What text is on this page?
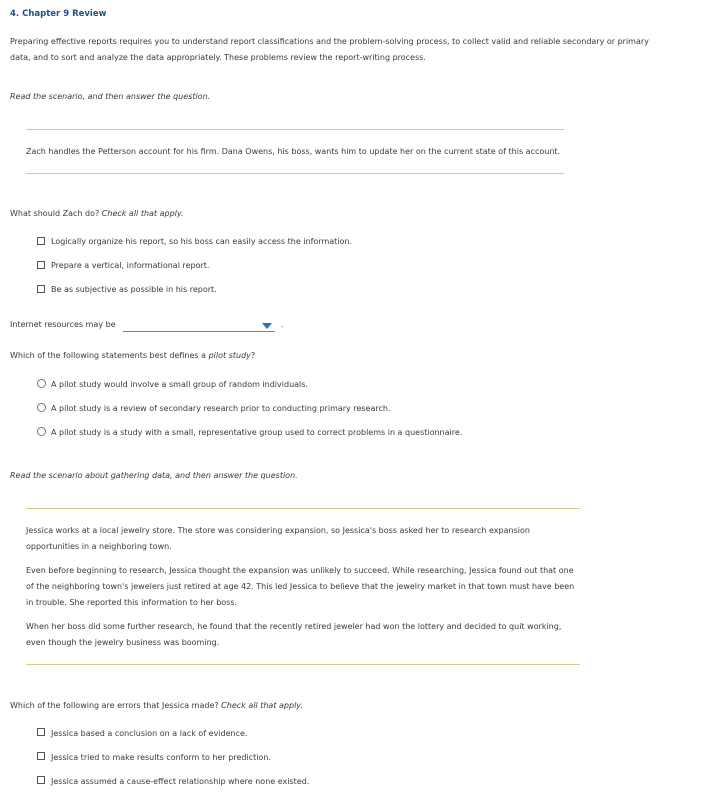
4. Chapter 9 Review
Preparing effective reports requires you to understand report classifications and the problem-solving process, to collect valid and reliable secondary or primary data, and to sort and analyze the data appropriately. These problems review the report-writing process.
Read the scenario, and then answer the question.
Zach handles the Petterson account for his firm. Dana Owens, his boss, wants him to update her on the current state of this account.
What should Zach do? Check all that apply.
Logically organize his report, so his boss can easily access the information.
Prepare a vertical, informational report.
Be as subjective as possible in his report.
Internet resources may be	.
Which of the following statements best defines a pilot study?
A pilot study would involve a small group of random individuals.
A pilot study is a review of secondary research prior to conducting primary research.
A pilot study is a study with a small, representative group used to correct problems in a questionnaire.
Read the scenario about gathering data, and then answer the question.
Jessica works at a local jewelry store. The store was considering expansion, so Jessica's boss asked her to research expansion opportunities in a neighboring town.
Even before beginning to research, Jessica thought the expansion was unlikely to succeed. While researching, Jessica found out that one of the neighboring town's jewelers just retired at age 42. This led Jessica to believe that the jewelry market in that town must have been in trouble. She reported this information to her boss.
When her boss did some further research, he found that the recently retired jeweler had won the lottery and decided to quit working, even though the jewelry business was booming.
Which of the following are errors that Jessica made? Check all that apply.
Jessica based a conclusion on a lack of evidence.
Jessica tried to make results conform to her prediction.
Jessica assumed a cause-effect relationship where none existed.
